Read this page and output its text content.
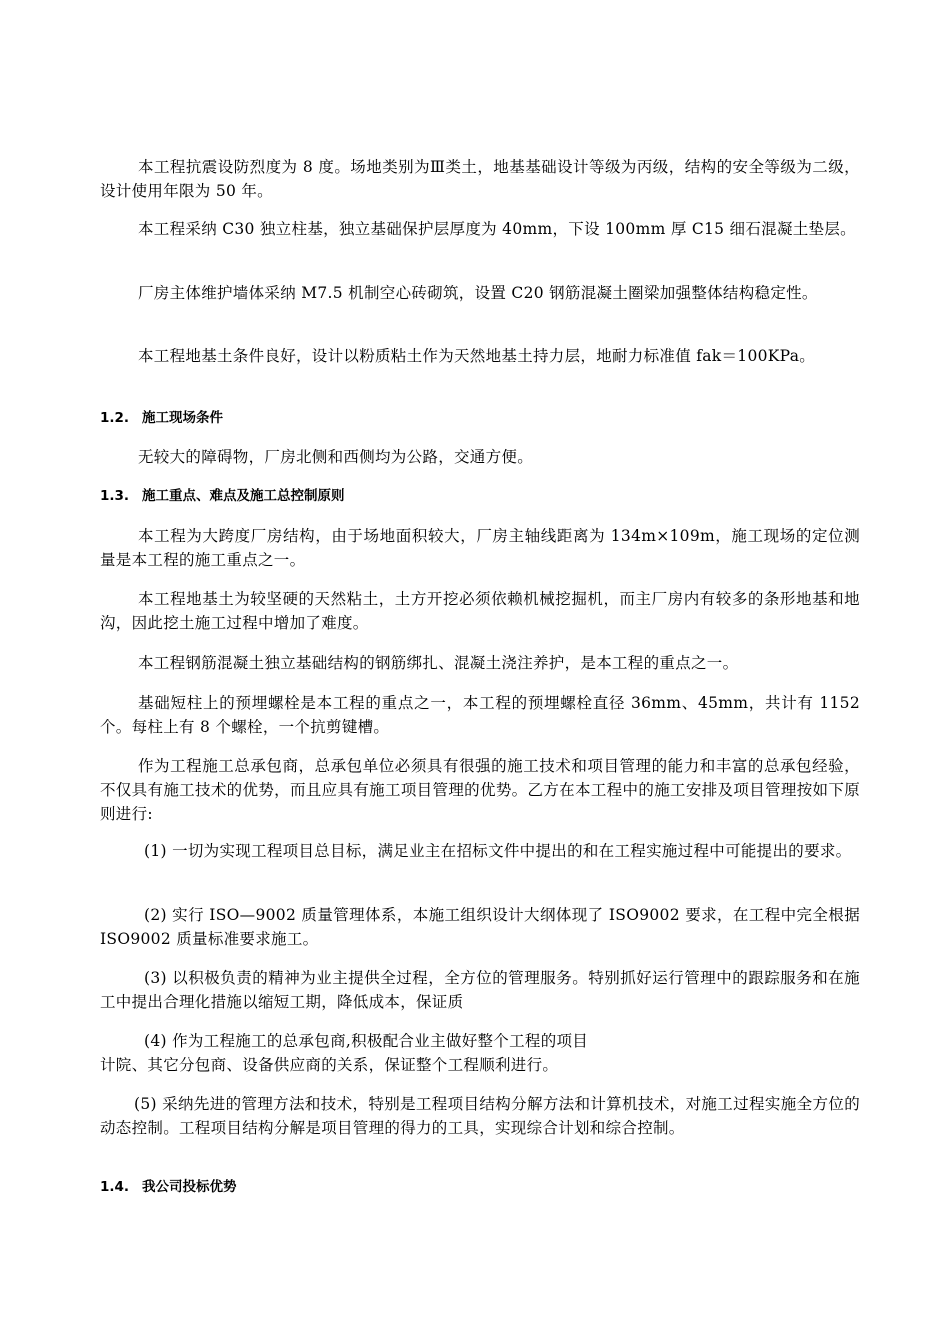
本工程抗震设防烈度为 8 度。场地类别为Ⅲ类土，地基基础设计等级为丙级，结构的安全等级为二级，设计使用年限为 50 年。

本工程采纳 C30 独立柱基，独立基础保护层厚度为 40mm，下设 100mm 厚 C15 细石混凝土垫层。

厂房主体维护墙体采纳 M7.5 机制空心砖砌筑，设置 C20 钢筋混凝土圈梁加强整体结构稳定性。

本工程地基土条件良好，设计以粉质粘土作为天然地基土持力层，地耐力标准值 fak＝100KPa。

1.2. 施工现场条件

无较大的障碍物，厂房北侧和西侧均为公路，交通方便。

1.3. 施工重点、难点及施工总控制原则

本工程为大跨度厂房结构，由于场地面积较大，厂房主轴线距离为 134m×109m，施工现场的定位测量是本工程的施工重点之一。

本工程地基土为较坚硬的天然粘土，土方开挖必须依赖机械挖掘机，而主厂房内有较多的条形地基和地沟，因此挖土施工过程中增加了难度。

本工程钢筋混凝土独立基础结构的钢筋绑扎、混凝土浇注养护，是本工程的重点之一。

基础短柱上的预埋螺栓是本工程的重点之一，本工程的预埋螺栓直径 36mm、45mm，共计有 1152 个。每柱上有 8 个螺栓，一个抗剪键槽。

作为工程施工总承包商，总承包单位必须具有很强的施工技术和项目管理的能力和丰富的总承包经验，不仅具有施工技术的优势，而且应具有施工项目管理的优势。乙方在本工程中的施工安排及项目管理按如下原则进行:

(1) 一切为实现工程项目总目标，满足业主在招标文件中提出的和在工程实施过程中可能提出的要求。

(2) 实行 ISO—9002 质量管理体系，本施工组织设计大纲体现了 ISO9002 要求，在工程中完全根据 ISO9002 质量标准要求施工。

(3) 以积极负责的精神为业主提供全过程，全方位的管理服务。特别抓好运行管理中的跟踪服务和在施工中提出合理化措施以缩短工期，降低成本，保证质

(4) 作为工程施工的总承包商,积极配合业主做好整个工程的项目

计院、其它分包商、设备供应商的关系，保证整个工程顺利进行。

(5) 采纳先进的管理方法和技术，特别是工程项目结构分解方法和计算机技术，对施工过程实施全方位的动态控制。工程项目结构分解是项目管理的得力的工具，实现综合计划和综合控制。

1.4. 我公司投标优势
